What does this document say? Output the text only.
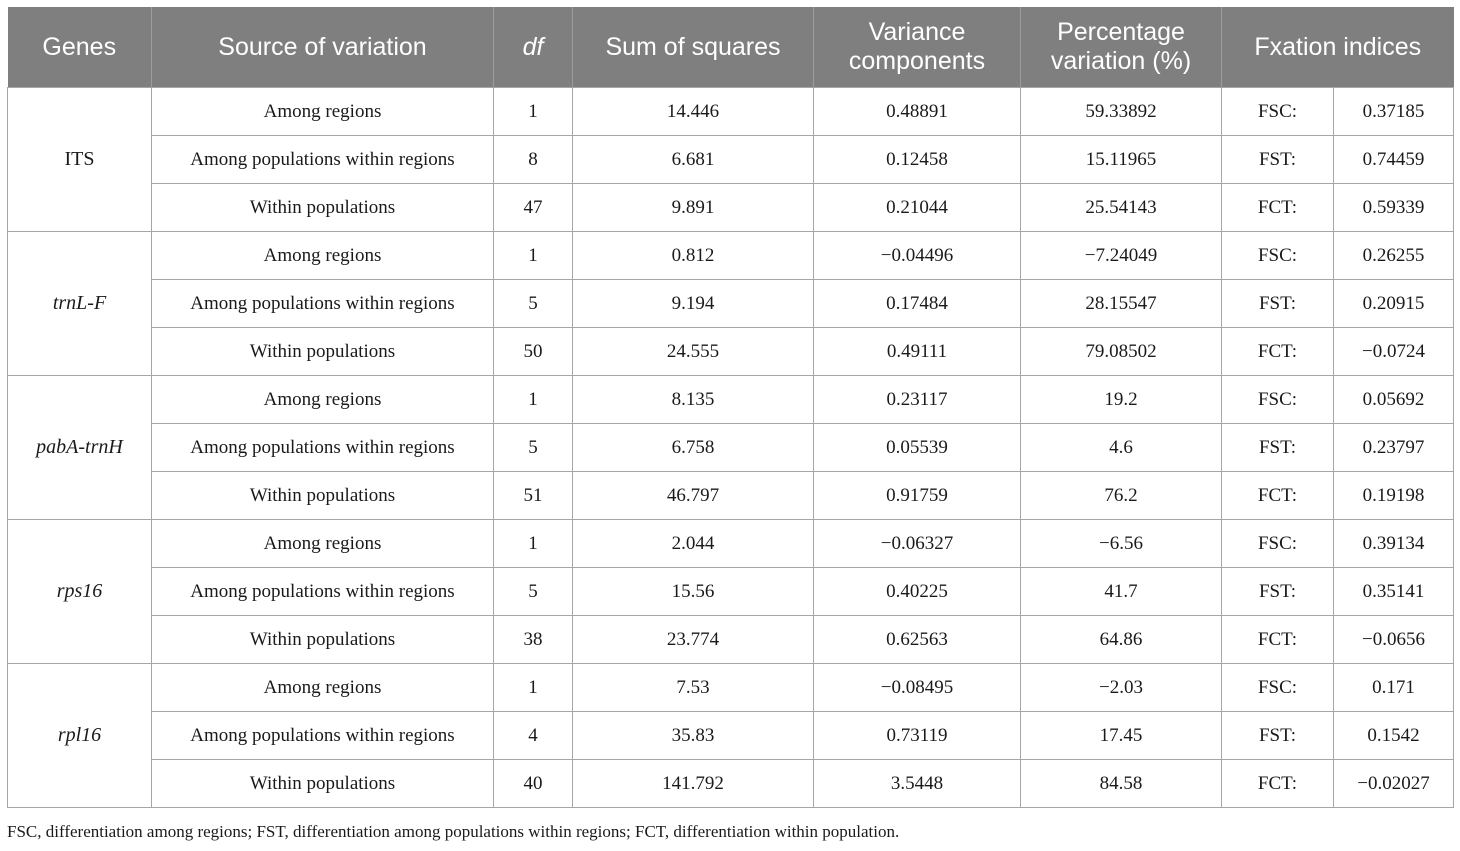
Genes	Source of variation	df	Sum of squares	Variance components	Percentage variation (%)	Fxation indices	
ITS	Among regions	1	14.446	0.48891	59.33892	FSC:	0.37185
	Among populations within regions	8	6.681	0.12458	15.11965	FST:	0.74459
	Within populations	47	9.891	0.21044	25.54143	FCT:	0.59339
trnL-F	Among regions	1	0.812	−0.04496	−7.24049	FSC:	0.26255
	Among populations within regions	5	9.194	0.17484	28.15547	FST:	0.20915
	Within populations	50	24.555	0.49111	79.08502	FCT:	−0.0724
pabA-trnH	Among regions	1	8.135	0.23117	19.2	FSC:	0.05692
	Among populations within regions	5	6.758	0.05539	4.6	FST:	0.23797
	Within populations	51	46.797	0.91759	76.2	FCT:	0.19198
rps16	Among regions	1	2.044	−0.06327	−6.56	FSC:	0.39134
	Among populations within regions	5	15.56	0.40225	41.7	FST:	0.35141
	Within populations	38	23.774	0.62563	64.86	FCT:	−0.0656
rpl16	Among regions	1	7.53	−0.08495	−2.03	FSC:	0.171
	Among populations within regions	4	35.83	0.73119	17.45	FST:	0.1542
	Within populations	40	141.792	3.5448	84.58	FCT:	−0.02027
FSC, differentiation among regions; FST, differentiation among populations within regions; FCT, differentiation within population.
